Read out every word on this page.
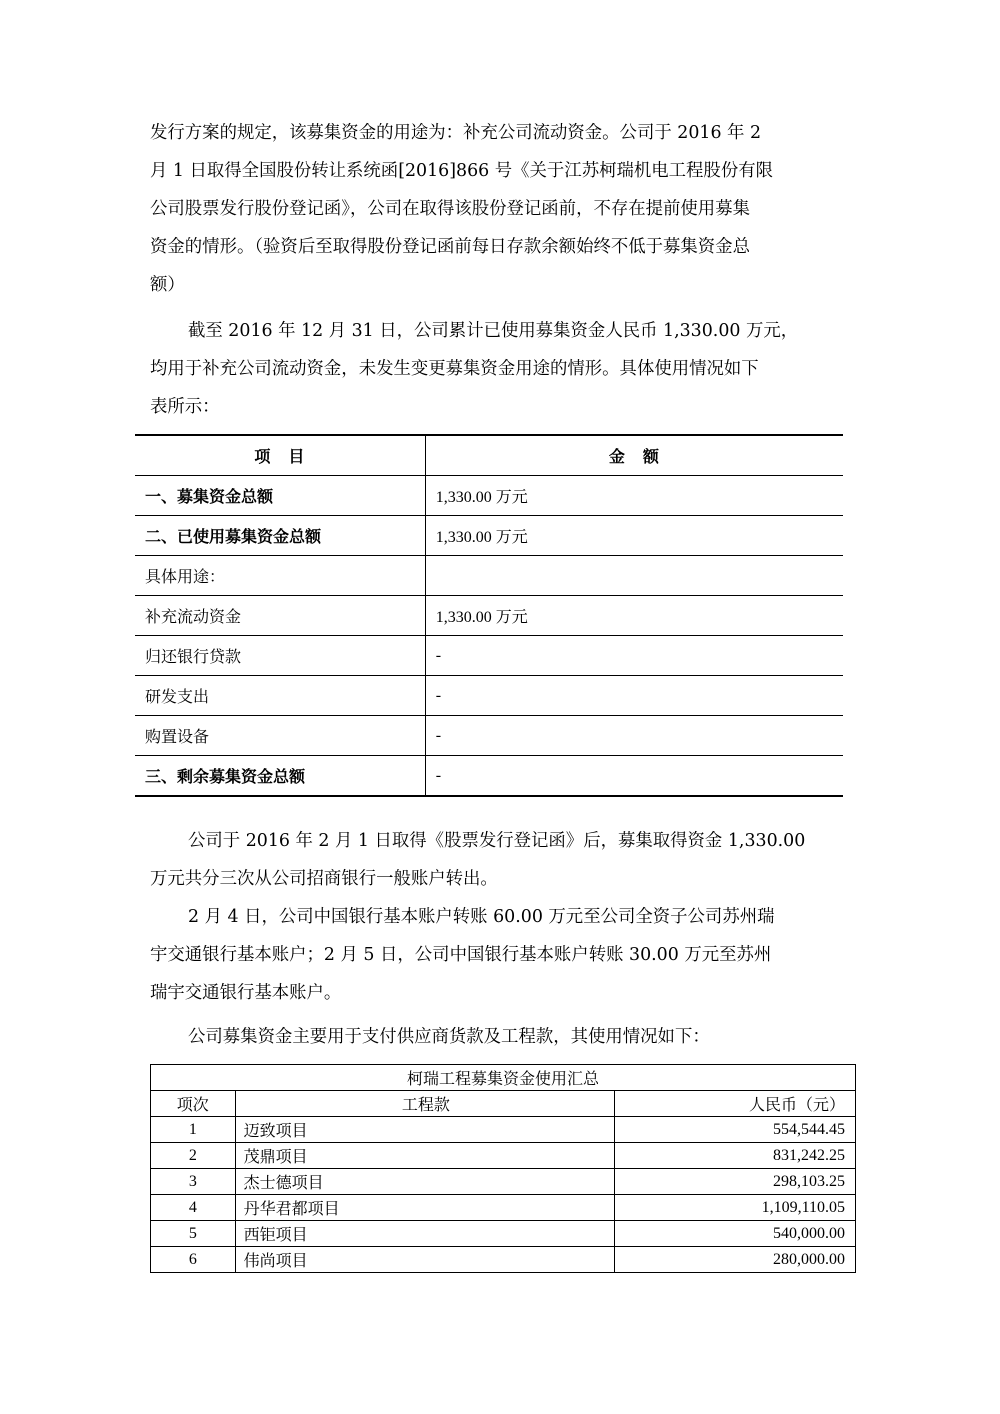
发行方案的规定，该募集资金的用途为：补充公司流动资金。公司于 2016 年 2
月 1 日取得全国股份转让系统函[2016]866 号《关于江苏柯瑞机电工程股份有限
公司股票发行股份登记函》，公司在取得该股份登记函前，不存在提前使用募集
资金的情形。（验资后至取得股份登记函前每日存款余额始终不低于募集资金总
额）
截至 2016 年 12 月 31 日，公司累计已使用募集资金人民币 1,330.00 万元，
均用于补充公司流动资金，未发生变更募集资金用途的情形。具体使用情况如下
表所示：
项　目	金　额
一、募集资金总额	1,330.00 万元
二、已使用募集资金总额	1,330.00 万元
具体用途：	
补充流动资金	1,330.00 万元
归还银行贷款	-
研发支出	-
购置设备	-
三、剩余募集资金总额	-
公司于 2016 年 2 月 1 日取得《股票发行登记函》后，募集取得资金 1,330.00
万元共分三次从公司招商银行一般账户转出。
2 月 4 日，公司中国银行基本账户转账 60.00 万元至公司全资子公司苏州瑞
宇交通银行基本账户；2 月 5 日，公司中国银行基本账户转账 30.00 万元至苏州
瑞宇交通银行基本账户。
公司募集资金主要用于支付供应商货款及工程款，其使用情况如下：
柯瑞工程募集资金使用汇总		
项次	工程款	人民币（元）
1	迈致项目	554,544.45
2	茂鼎项目	831,242.25
3	杰士德项目	298,103.25
4	丹华君都项目	1,109,110.05
5	西钜项目	540,000.00
6	伟尚项目	280,000.00
